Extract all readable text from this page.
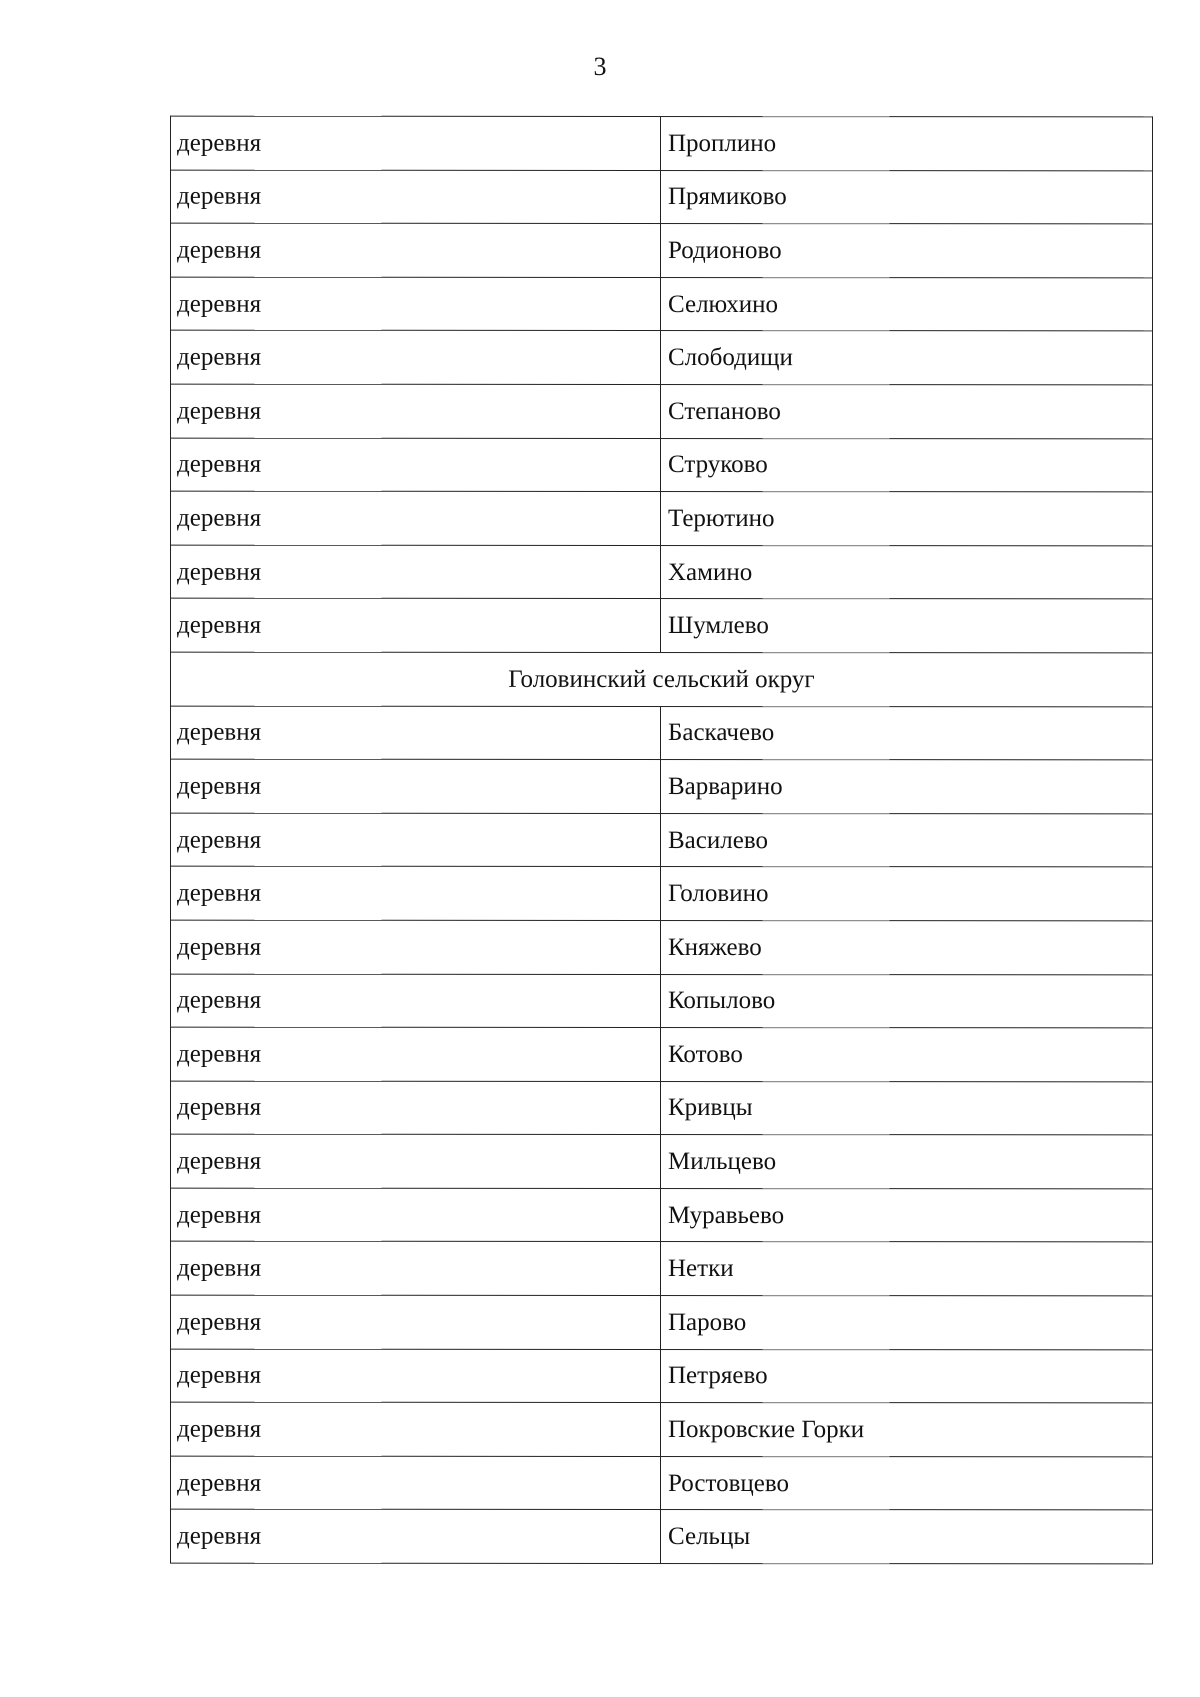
3
деревня	Проплино
деревня	Прямиково
деревня	Родионово
деревня	Селюхино
деревня	Слободищи
деревня	Степаново
деревня	Струково
деревня	Терютино
деревня	Хамино
деревня	Шумлево
Головинский сельский округ
деревня	Баскачево
деревня	Варварино
деревня	Василево
деревня	Головино
деревня	Княжево
деревня	Копылово
деревня	Котово
деревня	Кривцы
деревня	Мильцево
деревня	Муравьево
деревня	Нетки
деревня	Парово
деревня	Петряево
деревня	Покровские Горки
деревня	Ростовцево
деревня	Сельцы
